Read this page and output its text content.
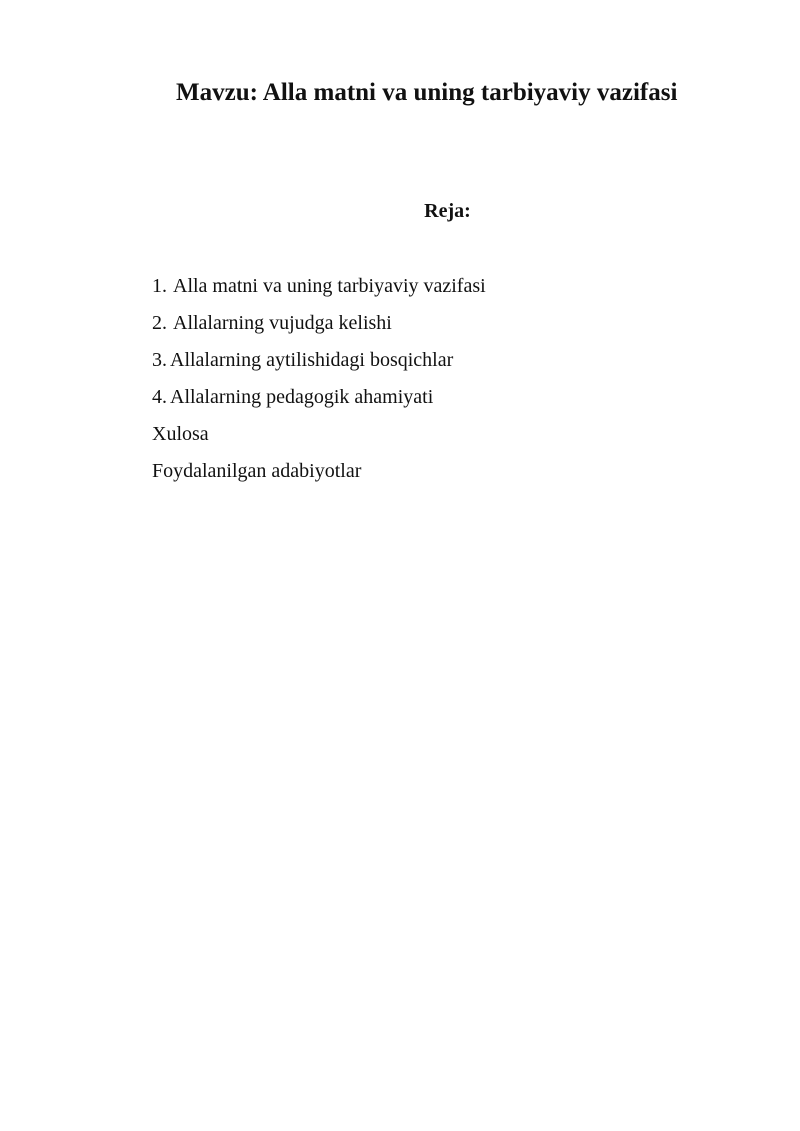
Mavzu: Alla matni va uning tarbiyaviy vazifasi
Reja:
1. Alla matni va uning tarbiyaviy vazifasi
2. Allalarning vujudga kelishi
3. Allalarning aytilishidagi bosqichlar
4. Allalarning pedagogik ahamiyati
Xulosa
Foydalanilgan adabiyotlar
